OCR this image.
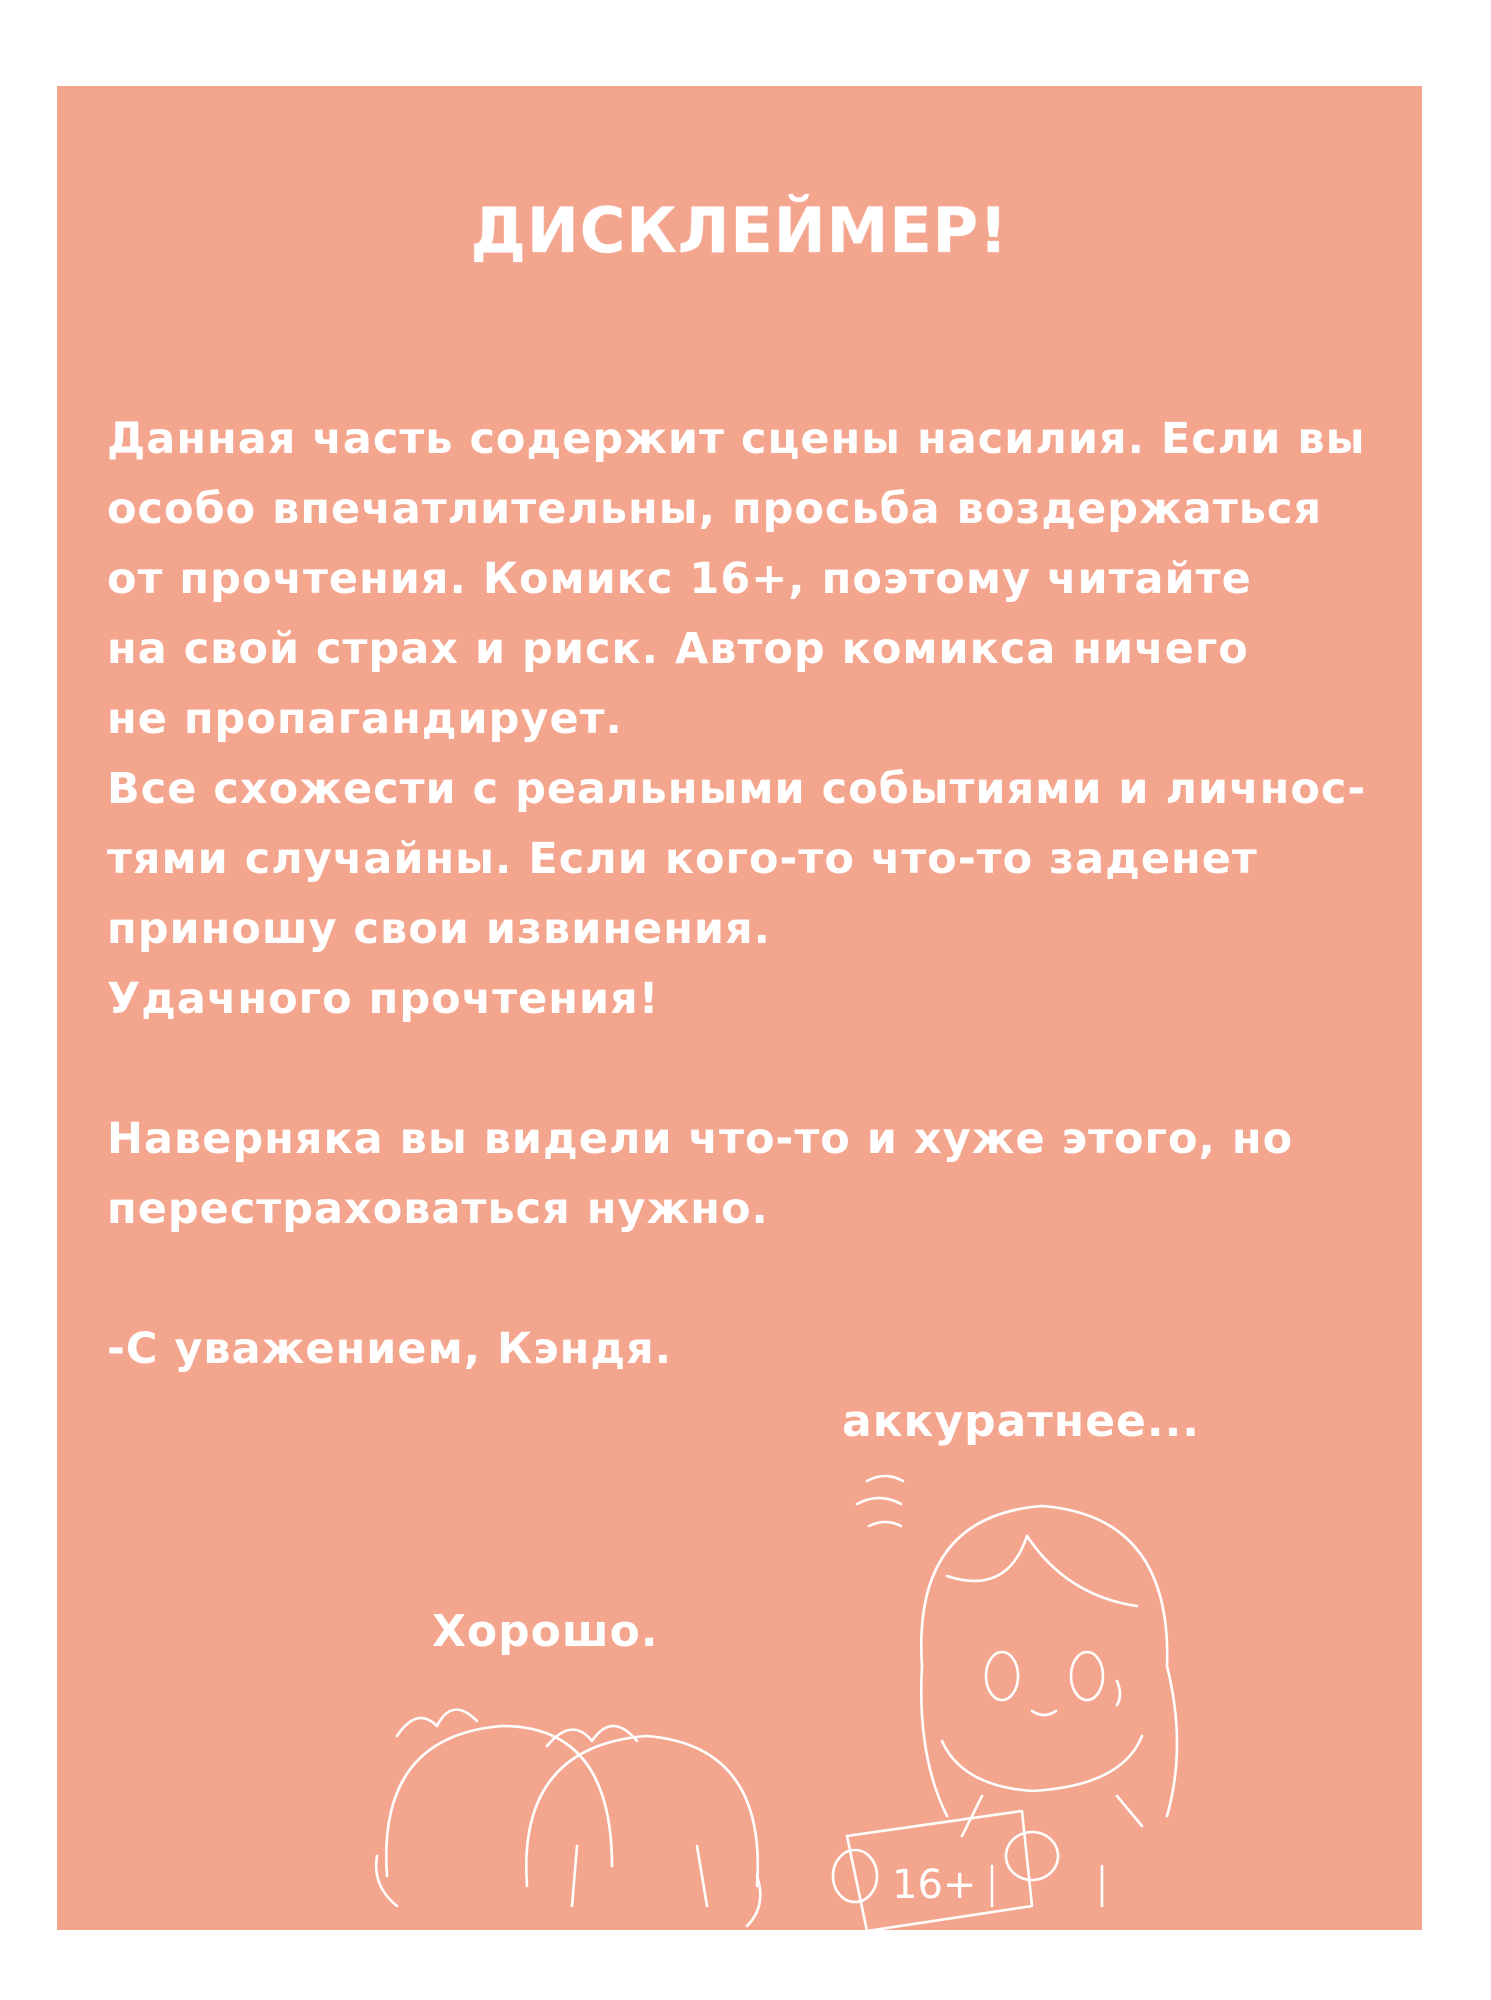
ДИСКЛЕЙМЕР!
Данная часть содержит сцены насилия. Если вы
особо впечатлительны, просьба воздержаться
от прочтения. Комикс 16+, поэтому читайте
на свой страх и риск. Автор комикса ничего
не пропагандирует.
Все схожести с реальными событиями и личнос-
тями случайны. Если кого-то что-то заденет
приношу свои извинения.
Удачного прочтения!
Наверняка вы видели что-то и хуже этого, но
перестраховаться нужно.
-С уважением, Кэндя.
аккуратнее...
Хорошо.
16+
